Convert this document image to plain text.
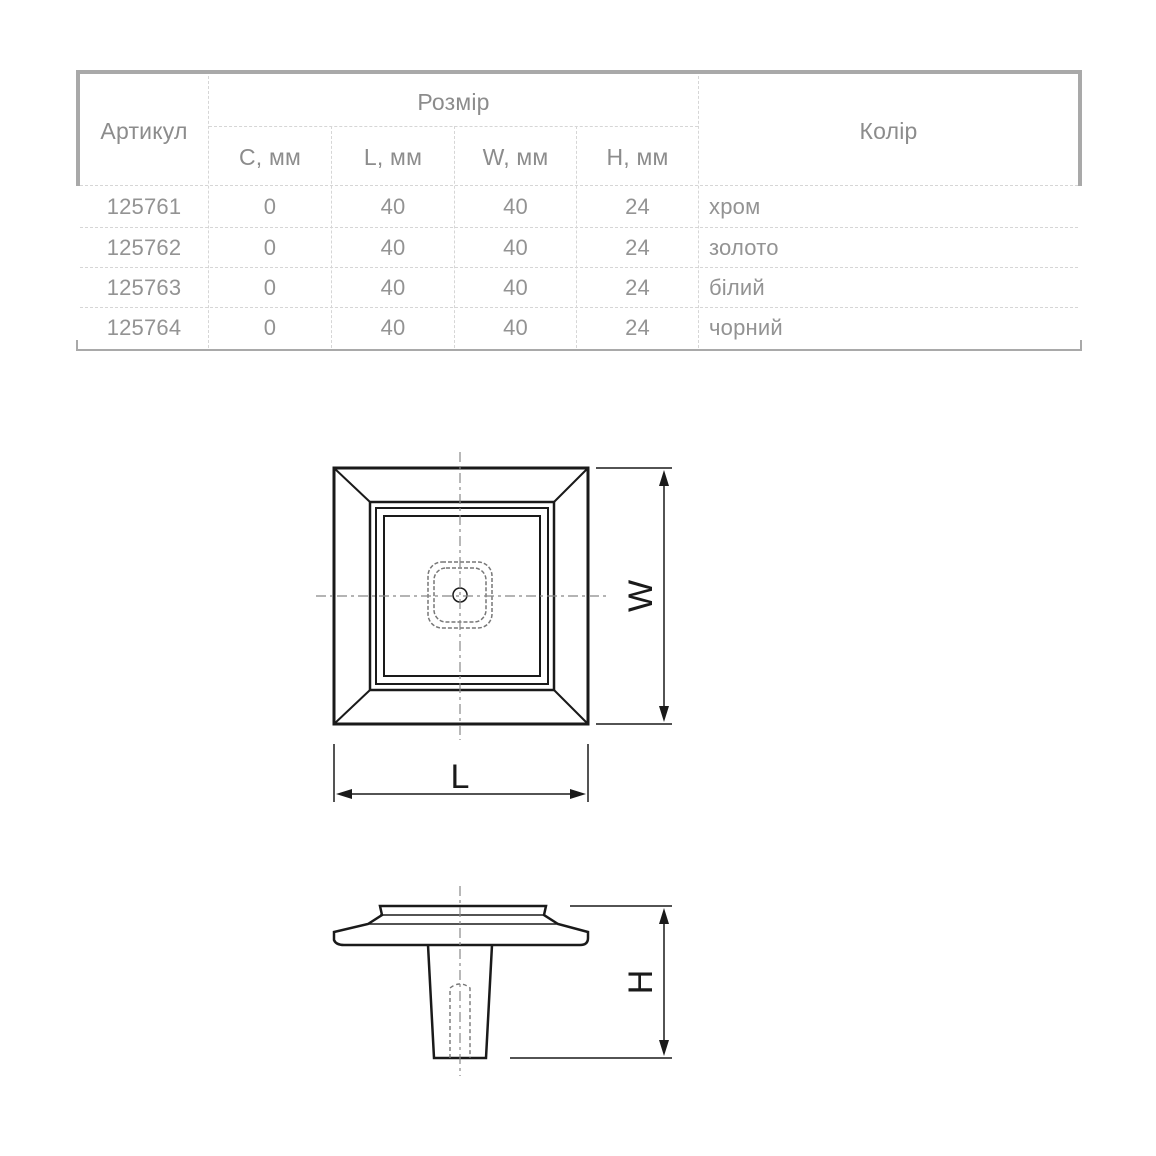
Артикул
Розмір
Колір
C, мм	L, мм	W, мм	H, мм
125761	0	40	40	24	хром
125762	0	40	40	24	золото
125763	0	40	40	24	білий
125764	0	40	40	24	чорний
W
L
H
